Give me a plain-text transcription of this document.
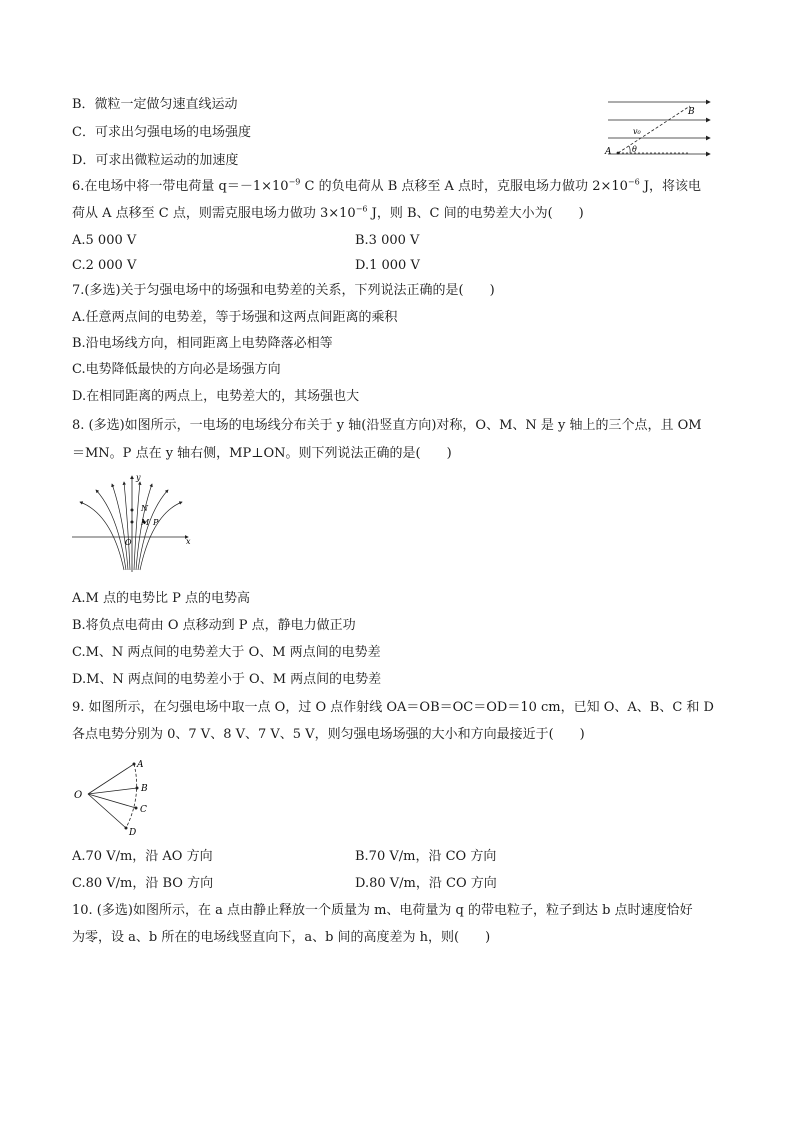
B．微粒一定做匀速直线运动
C．可求出匀强电场的电场强度
D．可求出微粒运动的加速度
A
B
v₀
θ
6.在电场中将一带电荷量 $q=-1\times 10^{-9}$ C 的负电荷从 B 点移至 A 点时，克服电场力做功 $2\times 10^{-6}$ J，将该电
荷从 A 点移至 C 点，则需克服电场力做功 $3\times 10^{-6}$ J，则 B、C 间的电势差大小为(　　)
A.5 000 V	B.3 000 V
C.2 000 V	D.1 000 V
7.(多选)关于匀强电场中的场强和电势差的关系，下列说法正确的是(　　)
A.任意两点间的电势差，等于场强和这两点间距离的乘积
B.沿电场线方向，相同距离上电势降落必相等
C.电势降低最快的方向必是场强方向
D.在相同距离的两点上，电势差大的，其场强也大
8. (多选)如图所示，一电场的电场线分布关于 y 轴(沿竖直方向)对称，O、M、N 是 y 轴上的三个点，且 OM
＝MN。P 点在 y 轴右侧，MP⊥ON。则下列说法正确的是(　　)
y
x
N
M P
O
A.M 点的电势比 P 点的电势高
B.将负点电荷由 O 点移动到 P 点，静电力做正功
C.M、N 两点间的电势差大于 O、M 两点间的电势差
D.M、N 两点间的电势差小于 O、M 两点间的电势差
9. 如图所示，在匀强电场中取一点 O，过 O 点作射线 OA＝OB＝OC＝OD＝10 cm，已知 O、A、B、C 和 D
各点电势分别为 0、7 V、8 V、7 V、5 V，则匀强电场场强的大小和方向最接近于(　　)
O
A
B
C
D
A.70 V/m，沿 AO 方向	B.70 V/m，沿 CO 方向
C.80 V/m，沿 BO 方向	D.80 V/m，沿 CO 方向
10. (多选)如图所示，在 a 点由静止释放一个质量为 m、电荷量为 q 的带电粒子，粒子到达 b 点时速度恰好
为零，设 a、b 所在的电场线竖直向下，a、b 间的高度差为 h，则(　　)
